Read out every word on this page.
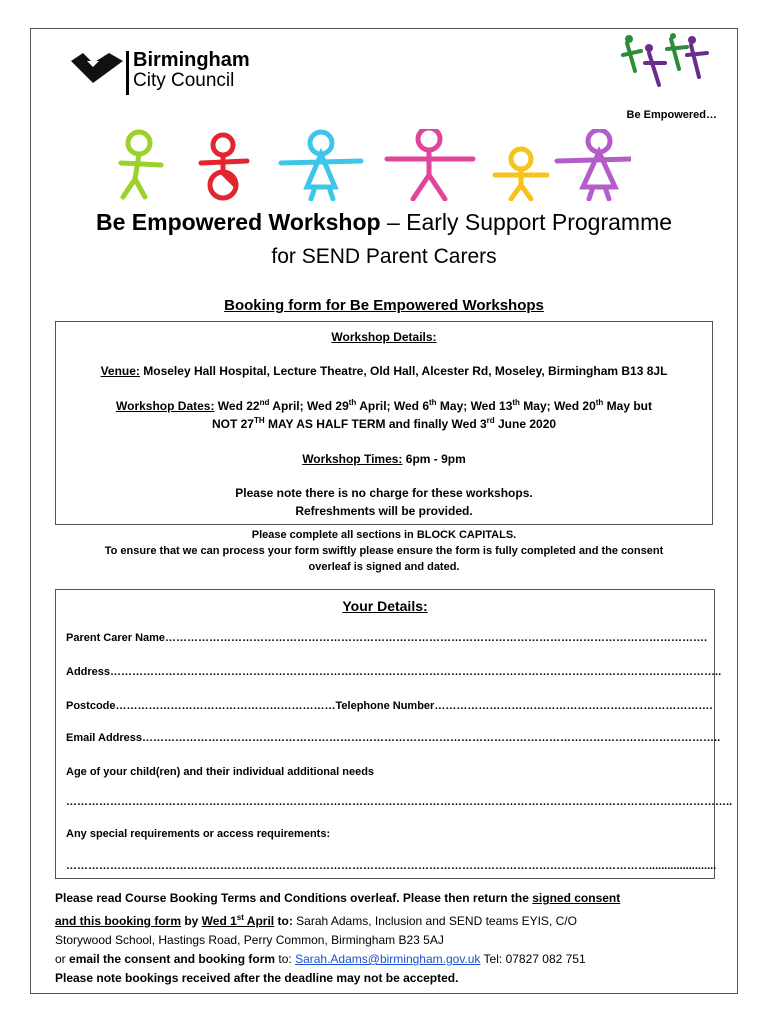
Birmingham
City Council
Be Empowered…
Be Empowered Workshop – Early Support Programme
for SEND Parent Carers
Booking form for Be Empowered Workshops
Workshop Details:
Venue: Moseley Hall Hospital, Lecture Theatre, Old Hall, Alcester Rd, Moseley, Birmingham B13 8JL
Workshop Dates: Wed 22nd April; Wed 29th April; Wed 6th May; Wed 13th May; Wed 20th May but
NOT 27TH MAY AS HALF TERM and finally Wed 3rd June 2020
Workshop Times: 6pm - 9pm
Please note there is no charge for these workshops.
Refreshments will be provided.
Please complete all sections in BLOCK CAPITALS.
To ensure that we can process your form swiftly please ensure the form is fully completed and the consent
overleaf is signed and dated.
Your Details:
Parent Carer Name………………………………………………………………………………………………………………………………….
Address…………………………………………………………………………………………………………………………………………………..
Postcode……………………………………………………Telephone Number………………………………………………………………….
Email Address…………………………………………………………………………………………………………………………………………..
Age of your child(ren) and their individual additional needs
………………………………………………………………………………………………………………………………………………………………..
Any special requirements or access requirements:
……………………………………………………………………………………………………………………………………………......................
Please read Course Booking Terms and Conditions overleaf. Please then return the signed consent
and this booking form by Wed 1st April to: Sarah Adams, Inclusion and SEND teams EYIS, C/O
Storywood School, Hastings Road, Perry Common, Birmingham B23 5AJ
or email the consent and booking form to: Sarah.Adams@birmingham.gov.uk Tel: 07827 082 751
Please note bookings received after the deadline may not be accepted.
